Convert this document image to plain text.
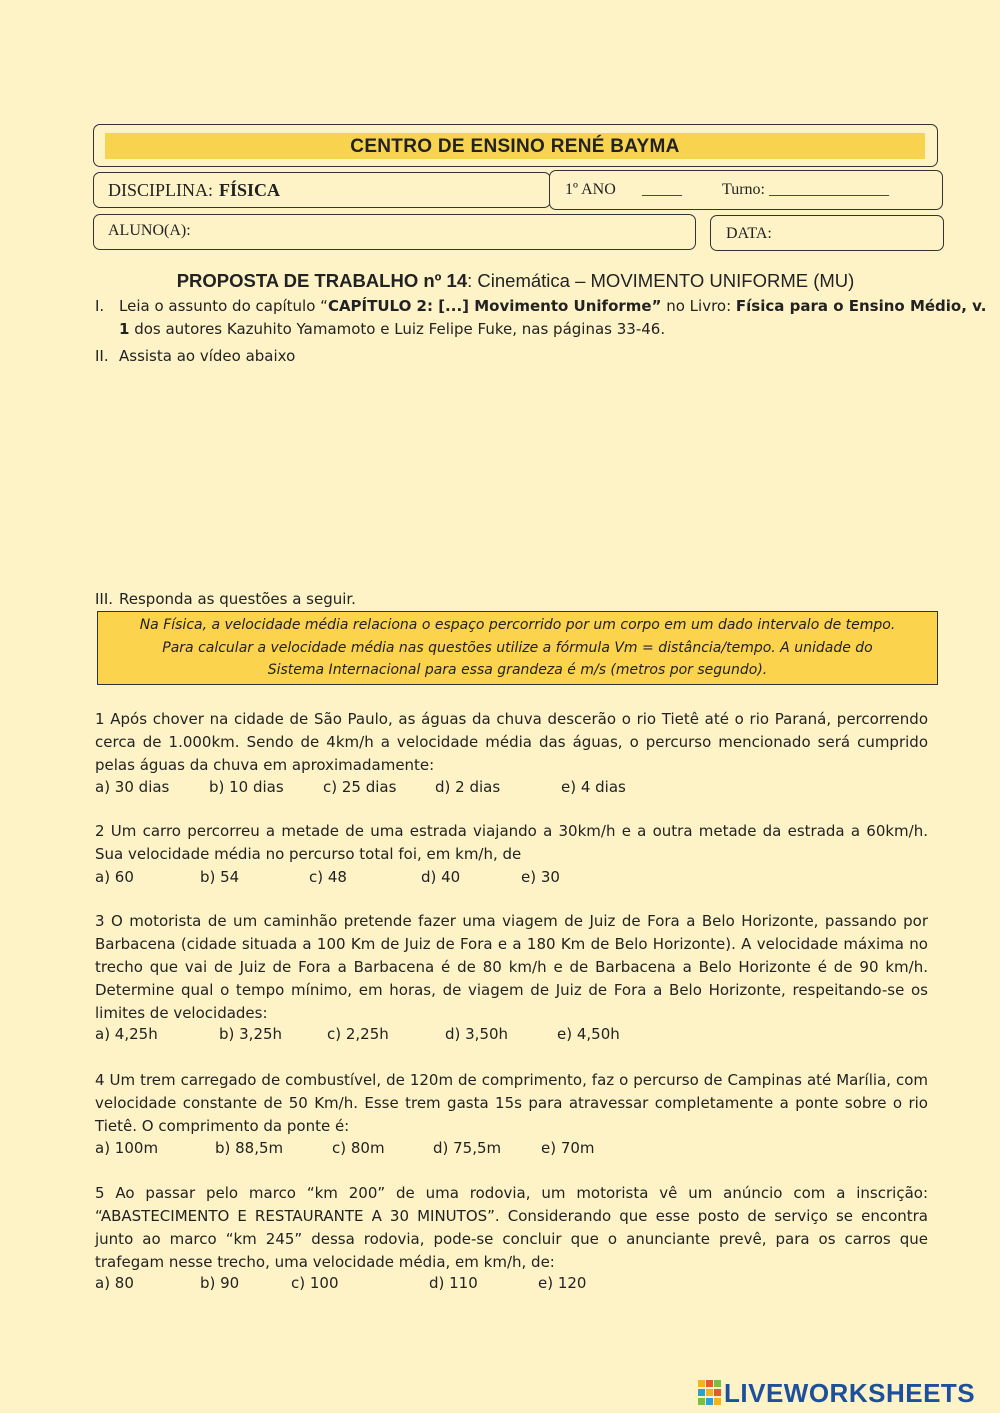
CENTRO DE ENSINO RENÉ BAYMA
DISCIPLINA: FÍSICA	1º ANO _____	Turno: _______________
ALUNO(A):	DATA:
PROPOSTA DE TRABALHO nº 14: Cinemática – MOVIMENTO UNIFORME (MU)
I. Leia o assunto do capítulo “CAPÍTULO 2: [...] Movimento Uniforme” no Livro: Física para o Ensino Médio, v.
1 dos autores Kazuhito Yamamoto e Luiz Felipe Fuke, nas páginas 33-46.
II. Assista ao vídeo abaixo
III. Responda as questões a seguir.
Na Física, a velocidade média relaciona o espaço percorrido por um corpo em um dado intervalo de tempo.
Para calcular a velocidade média nas questões utilize a fórmula Vm = distância/tempo. A unidade do
Sistema Internacional para essa grandeza é m/s (metros por segundo).
1 Após chover na cidade de São Paulo, as águas da chuva descerão o rio Tietê até o rio Paraná, percorrendo cerca de 1.000km. Sendo de 4km/h a velocidade média das águas, o percurso mencionado será cumprido pelas águas da chuva em aproximadamente:
a) 30 dias	b) 10 dias	c) 25 dias	d) 2 dias	e) 4 dias
2 Um carro percorreu a metade de uma estrada viajando a 30km/h e a outra metade da estrada a 60km/h. Sua velocidade média no percurso total foi, em km/h, de
a) 60	b) 54	c) 48	d) 40	e) 30
3 O motorista de um caminhão pretende fazer uma viagem de Juiz de Fora a Belo Horizonte, passando por Barbacena (cidade situada a 100 Km de Juiz de Fora e a 180 Km de Belo Horizonte). A velocidade máxima no trecho que vai de Juiz de Fora a Barbacena é de 80 km/h e de Barbacena a Belo Horizonte é de 90 km/h. Determine qual o tempo mínimo, em horas, de viagem de Juiz de Fora a Belo Horizonte, respeitando-se os limites de velocidades:
a) 4,25h	b) 3,25h	c) 2,25h	d) 3,50h	e) 4,50h
4 Um trem carregado de combustível, de 120m de comprimento, faz o percurso de Campinas até Marília, com velocidade constante de 50 Km/h. Esse trem gasta 15s para atravessar completamente a ponte sobre o rio Tietê. O comprimento da ponte é:
a) 100m	b) 88,5m	c) 80m	d) 75,5m	e) 70m
5 Ao passar pelo marco “km 200” de uma rodovia, um motorista vê um anúncio com a inscrição: “ABASTECIMENTO E RESTAURANTE A 30 MINUTOS”. Considerando que esse posto de serviço se encontra junto ao marco “km 245” dessa rodovia, pode-se concluir que o anunciante prevê, para os carros que trafegam nesse trecho, uma velocidade média, em km/h, de:
a) 80	b) 90	c) 100	d) 110	e) 120
LIVEWORKSHEETS
